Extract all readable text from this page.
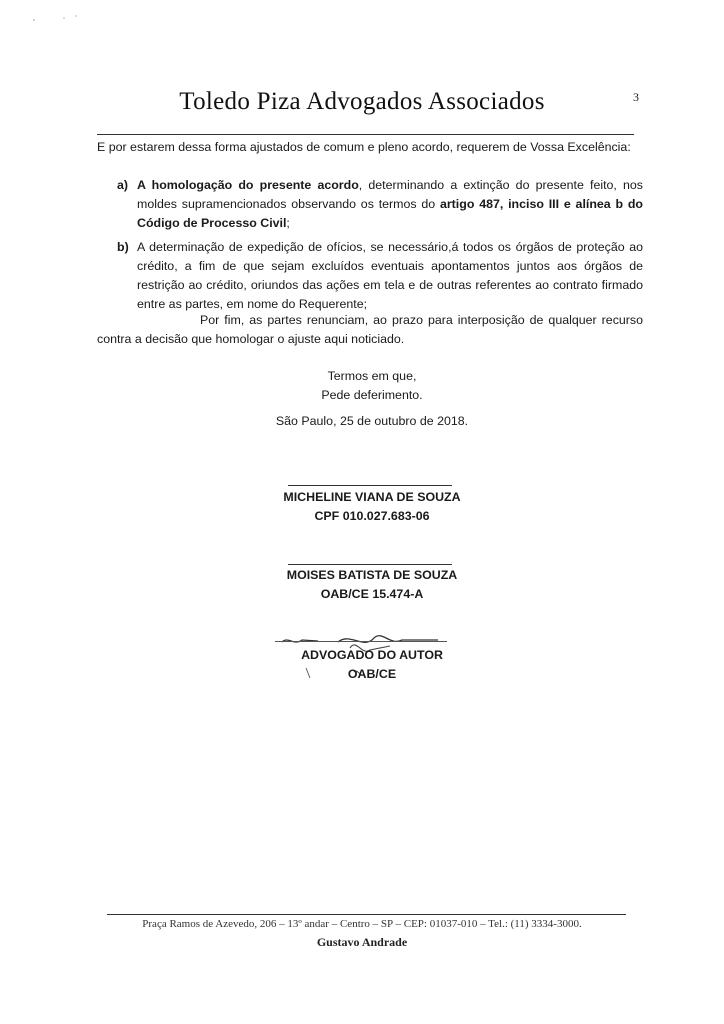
Toledo Piza Advogados Associados	3
E por estarem dessa forma ajustados de comum e pleno acordo, requerem de Vossa Excelência:
a) A homologação do presente acordo, determinando a extinção do presente feito, nos moldes supramencionados observando os termos do artigo 487, inciso III e alínea b do Código de Processo Civil;
b) A determinação de expedição de ofícios, se necessário,á todos os órgãos de proteção ao crédito, a fim de que sejam excluídos eventuais apontamentos juntos aos órgãos de restrição ao crédito, oriundos das ações em tela e de outras referentes ao contrato firmado entre as partes, em nome do Requerente;
Por fim, as partes renunciam, ao prazo para interposição de qualquer recurso contra a decisão que homologar o ajuste aqui noticiado.
Termos em que,
Pede deferimento.
São Paulo, 25 de outubro de 2018.
MICHELINE VIANA DE SOUZA
CPF 010.027.683-06
MOISES BATISTA DE SOUZA
OAB/CE 15.474-A
ADVOGADO DO AUTOR
OAB/CE
Praça Ramos de Azevedo, 206 – 13º andar – Centro – SP – CEP: 01037-010 – Tel.: (11) 3334-3000.
Gustavo Andrade
